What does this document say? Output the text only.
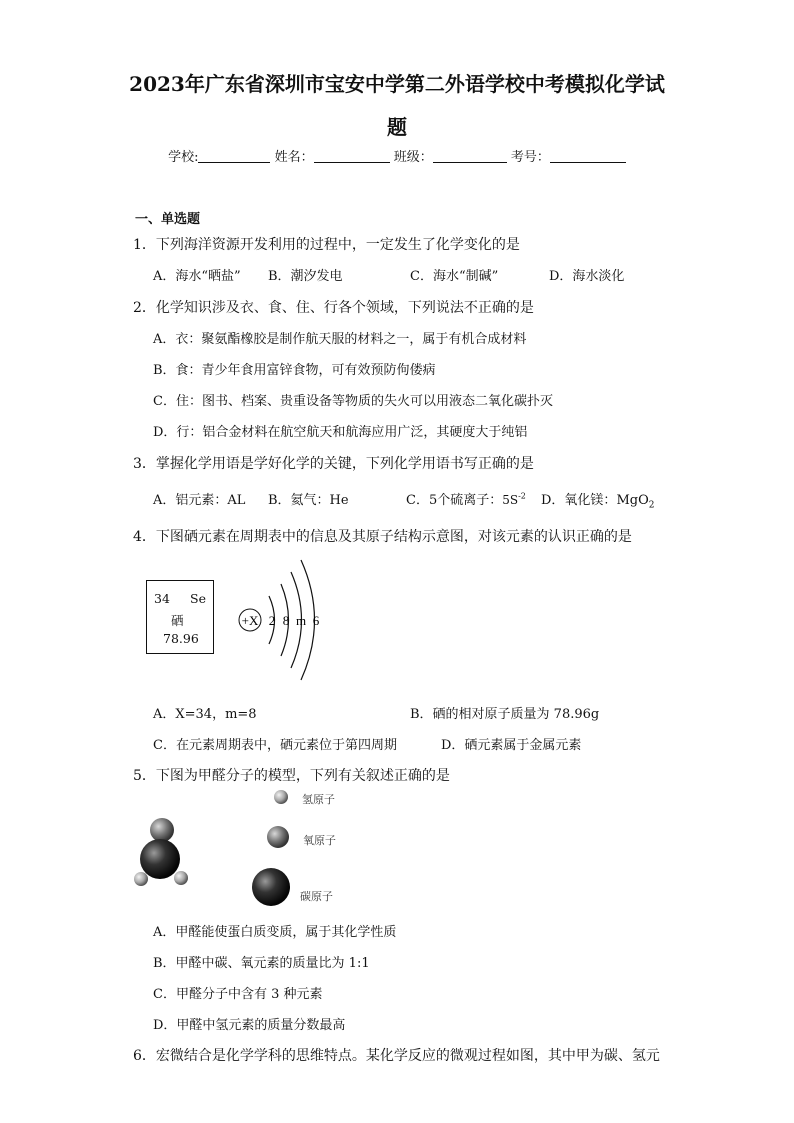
2023年广东省深圳市宝安中学第二外语学校中考模拟化学试
题
学校:	姓名：	班级：	考号：
一、单选题
1．下列海洋资源开发利用的过程中，一定发生了化学变化的是
A．海水“晒盐” B．潮汐发电	C．海水“制碱”	D．海水淡化
2．化学知识涉及衣、食、住、行各个领域，下列说法不正确的是
A．衣：聚氨酯橡胶是制作航天服的材料之一，属于有机合成材料
B．食：青少年食用富锌食物，可有效预防佝偻病
C．住：图书、档案、贵重设备等物质的失火可以用液态二氧化碳扑灭
D．行：铝合金材料在航空航天和航海应用广泛，其硬度大于纯铝
3．掌握化学用语是学好化学的关键，下列化学用语书写正确的是
A．铝元素：AL B．氦气：He	C．5个硫离子：$5S^{-2}$ D．氧化镁：MgO$_2$
4．下图硒元素在周期表中的信息及其原子结构示意图，对该元素的认识正确的是
34 Se
硒
78.96
+X 2 8 m 6
A．X=34，m=8	B．硒的相对原子质量为 78.96g
C．在元素周期表中，硒元素位于第四周期	D．硒元素属于金属元素
5．下图为甲醛分子的模型，下列有关叙述正确的是
氢原子
氧原子
碳原子
A．甲醛能使蛋白质变质，属于其化学性质
B．甲醛中碳、氧元素的质量比为 1:1
C．甲醛分子中含有 3 种元素
D．甲醛中氢元素的质量分数最高
6．宏微结合是化学学科的思维特点。某化学反应的微观过程如图，其中甲为碳、氢元
